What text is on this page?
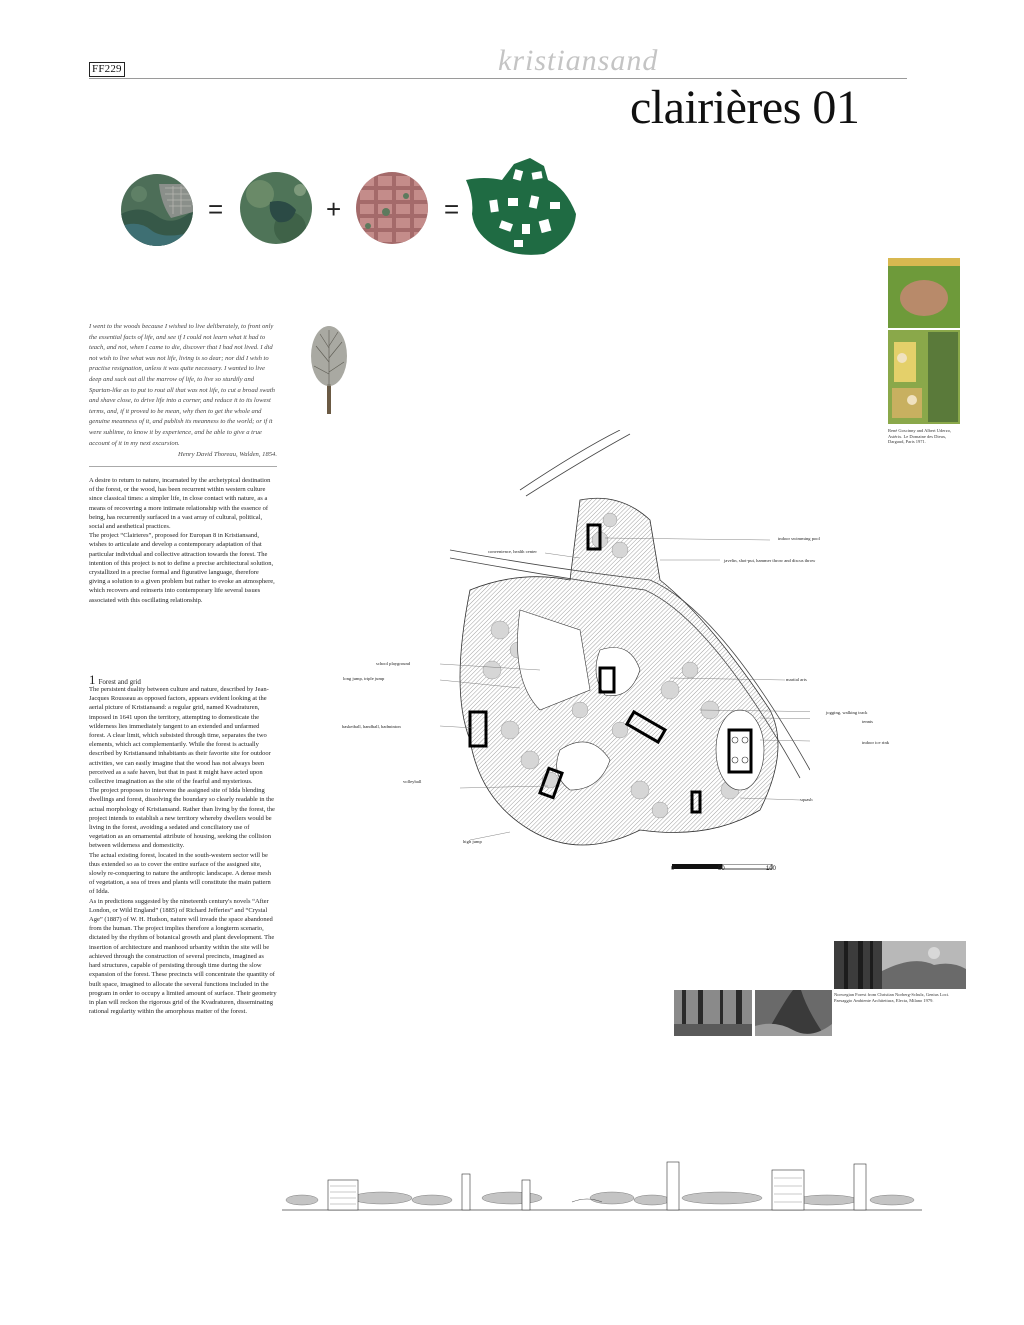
FF229	kristiansand
clairières 01
=	+	=
I went to the woods because I wished to live deliberately, to front only the essential facts of life, and see if I could not learn what it had to teach, and not, when I came to die, discover that I had not lived. I did not wish to live what was not life, living is so dear; nor did I wish to practise resignation, unless it was quite necessary. I wanted to live deep and suck out all the marrow of life, to live so sturdily and Spartan-like as to put to rout all that was not life, to cut a broad swath and shave close, to drive life into a corner, and reduce it to its lowest terms, and, if it proved to be mean, why then to get the whole and genuine meanness of it, and publish its meanness to the world; or if it were sublime, to know it by experience, and be able to give a true account of it in my next excursion.
Henry David Thoreau, Walden, 1854.
René Goscinny and Albert Uderzo, Astérix. Le Domaine des Dieux, Dargaud, Paris 1971.
A desire to return to nature, incarnated by the archetypical destination of the forest, or the wood, has been recurrent within western culture since classical times: a simpler life, in close contact with nature, as a means of recovering a more intimate relationship with the essence of being, has recurrently surfaced in a vast array of cultural, political, social and aesthetical practices.
The project “Clairieres”, proposed for Europan 8 in Kristiansand, wishes to articulate and develop a contemporary adaptation of that particular individual and collective attraction towards the forest. The intention of this project is not to define a precise architectural solution, crystallized in a precise formal and figurative language, therefore giving a solution to a given problem but rather to evoke an atmosphere, which recovers and reinserts into contemporary life several issues associated with this oscillating relationship.
1 Forest and grid
The persistent duality between culture and nature, described by Jean-Jacques Rousseau as opposed factors, appears evident looking at the aerial picture of Kristiansand: a regular grid, named Kvadraturen, imposed in 1641 upon the territory, attempting to domesticate the wilderness lies immediately tangent to an extended and unfarmed forest. A clear limit, which subsisted through time, separates the two elements, which act complementarily. While the forest is actually described by Kristiansand inhabitants as their favorite site for outdoor activities, we can easily imagine that the wood has not always been perceived as a safe haven, but that in past it might have acted upon collective imagination as the site of the fearful and mysterious.
The project proposes to intervene the assigned site of Idda blending dwellings and forest, dissolving the boundary so clearly readable in the actual morphology of Kristiansand. Rather than living by the forest, the project intends to establish a new territory whereby dwellers would be living in the forest, avoiding a sedated and conciliatory use of vegetation as an ornamental attribute of housing, seeking the collision between wilderness and domesticity.
The actual existing forest, located in the south-western sector will be thus extended so as to cover the entire surface of the assigned site, slowly re-conquering to nature the anthropic landscape. A dense mesh of vegetation, a sea of trees and plants will constitute the main pattern of Idda.
As in predictions suggested by the nineteenth century's novels “After London, or Wild England” (1885) of Richard Jefferies” and “Crystal Age” (1887) of W. H. Hudson, nature will invade the space abandoned from the human. The project implies therefore a longterm scenario, dictated by the rhythm of botanical growth and plant development. The insertion of architecture and manhood urbanity within the site will be achieved through the construction of several precincts, imagined as hard structures, capable of persisting through time during the slow expansion of the forest. These precincts will concentrate the quantity of built space, imagined to allocate the several functions included in the program in order to occupy a limited amount of surface. Their geometry in plan will reckon the rigorous grid of the Kvadraturen, disseminating rational regularity within the amorphous matter of the forest.
indoor swimming pool
javelin, shot-put, hammer throw and discus throw
convenience, health center
school playground
long jump, triple jump	martial arts
jogging, walking track
basketball, handball, badminton
tennis
indoor ice rink
volleyball
squash
high jump
0	50	100
Norwegian Forest from Christian Norberg-Schulz, Genius Loci. Paesaggio Ambiente Architettura, Electa, Milano 1979.
